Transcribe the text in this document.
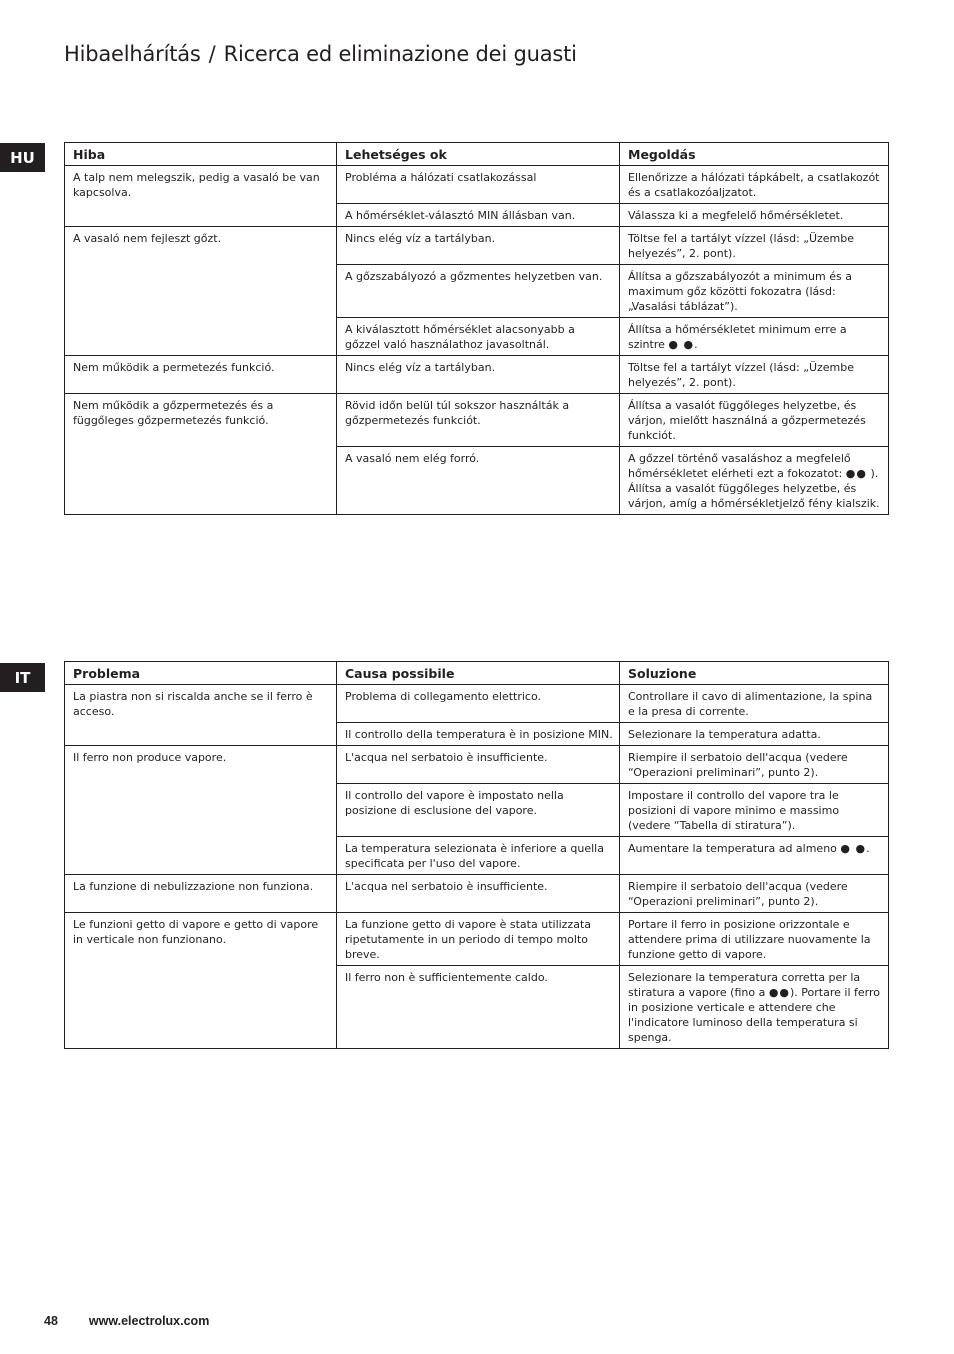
Hibaelhárítás / Ricerca ed eliminazione dei guasti
HU	Hiba	Lehetséges ok	Megoldás
A talp nem melegszik, pedig a vasaló be van kapcsolva.	Probléma a hálózati csatlakozással	Ellenőrizze a hálózati tápkábelt, a csatlakozót és a csatlakozóaljzatot.
	A hőmérséklet-választó MIN állásban van.	Válassza ki a megfelelő hőmérsékletet.
A vasaló nem fejleszt gőzt.	Nincs elég víz a tartályban.	Töltse fel a tartályt vízzel (lásd: „Üzembe helyezés”, 2. pont).
	A gőzszabályozó a gőzmentes helyzetben van.	Állítsa a gőzszabályozót a minimum és a maximum gőz közötti fokozatra (lásd: „Vasalási táblázat”).
	A kiválasztott hőmérséklet alacsonyabb a gőzzel való használathoz javasoltnál.	Állítsa a hőmérsékletet minimum erre a szintre ● ●.
Nem működik a permetezés funkció.	Nincs elég víz a tartályban.	Töltse fel a tartályt vízzel (lásd: „Üzembe helyezés”, 2. pont).
Nem működik a gőzpermetezés és a függőleges gőzpermetezés funkció.	Rövid időn belül túl sokszor használták a gőzpermetezés funkciót.	Állítsa a vasalót függőleges helyzetbe, és várjon, mielőtt használná a gőzpermetezés funkciót.
	A vasaló nem elég forró.	A gőzzel történő vasaláshoz a megfelelő hőmérsékletet elérheti ezt a fokozatot: ●● ). Állítsa a vasalót függőleges helyzetbe, és várjon, amíg a hőmérsékletjelző fény kialszik.
IT	Problema	Causa possibile	Soluzione
La piastra non si riscalda anche se il ferro è acceso.	Problema di collegamento elettrico.	Controllare il cavo di alimentazione, la spina e la presa di corrente.
	Il controllo della temperatura è in posizione MIN.	Selezionare la temperatura adatta.
Il ferro non produce vapore.	L'acqua nel serbatoio è insufficiente.	Riempire il serbatoio dell'acqua (vedere “Operazioni preliminari”, punto 2).
	Il controllo del vapore è impostato nella posizione di esclusione del vapore.	Impostare il controllo del vapore tra le posizioni di vapore minimo e massimo (vedere “Tabella di stiratura”).
	La temperatura selezionata è inferiore a quella specificata per l'uso del vapore.	Aumentare la temperatura ad almeno ● ●.
La funzione di nebulizzazione non funziona.	L'acqua nel serbatoio è insufficiente.	Riempire il serbatoio dell'acqua (vedere “Operazioni preliminari”, punto 2).
Le funzioni getto di vapore e getto di vapore in verticale non funzionano.	La funzione getto di vapore è stata utilizzata ripetutamente in un periodo di tempo molto breve.	Portare il ferro in posizione orizzontale e attendere prima di utilizzare nuovamente la funzione getto di vapore.
	Il ferro non è sufficientemente caldo.	Selezionare la temperatura corretta per la stiratura a vapore (fino a ●●). Portare il ferro in posizione verticale e attendere che l'indicatore luminoso della temperatura si spenga.
48 www.electrolux.com
